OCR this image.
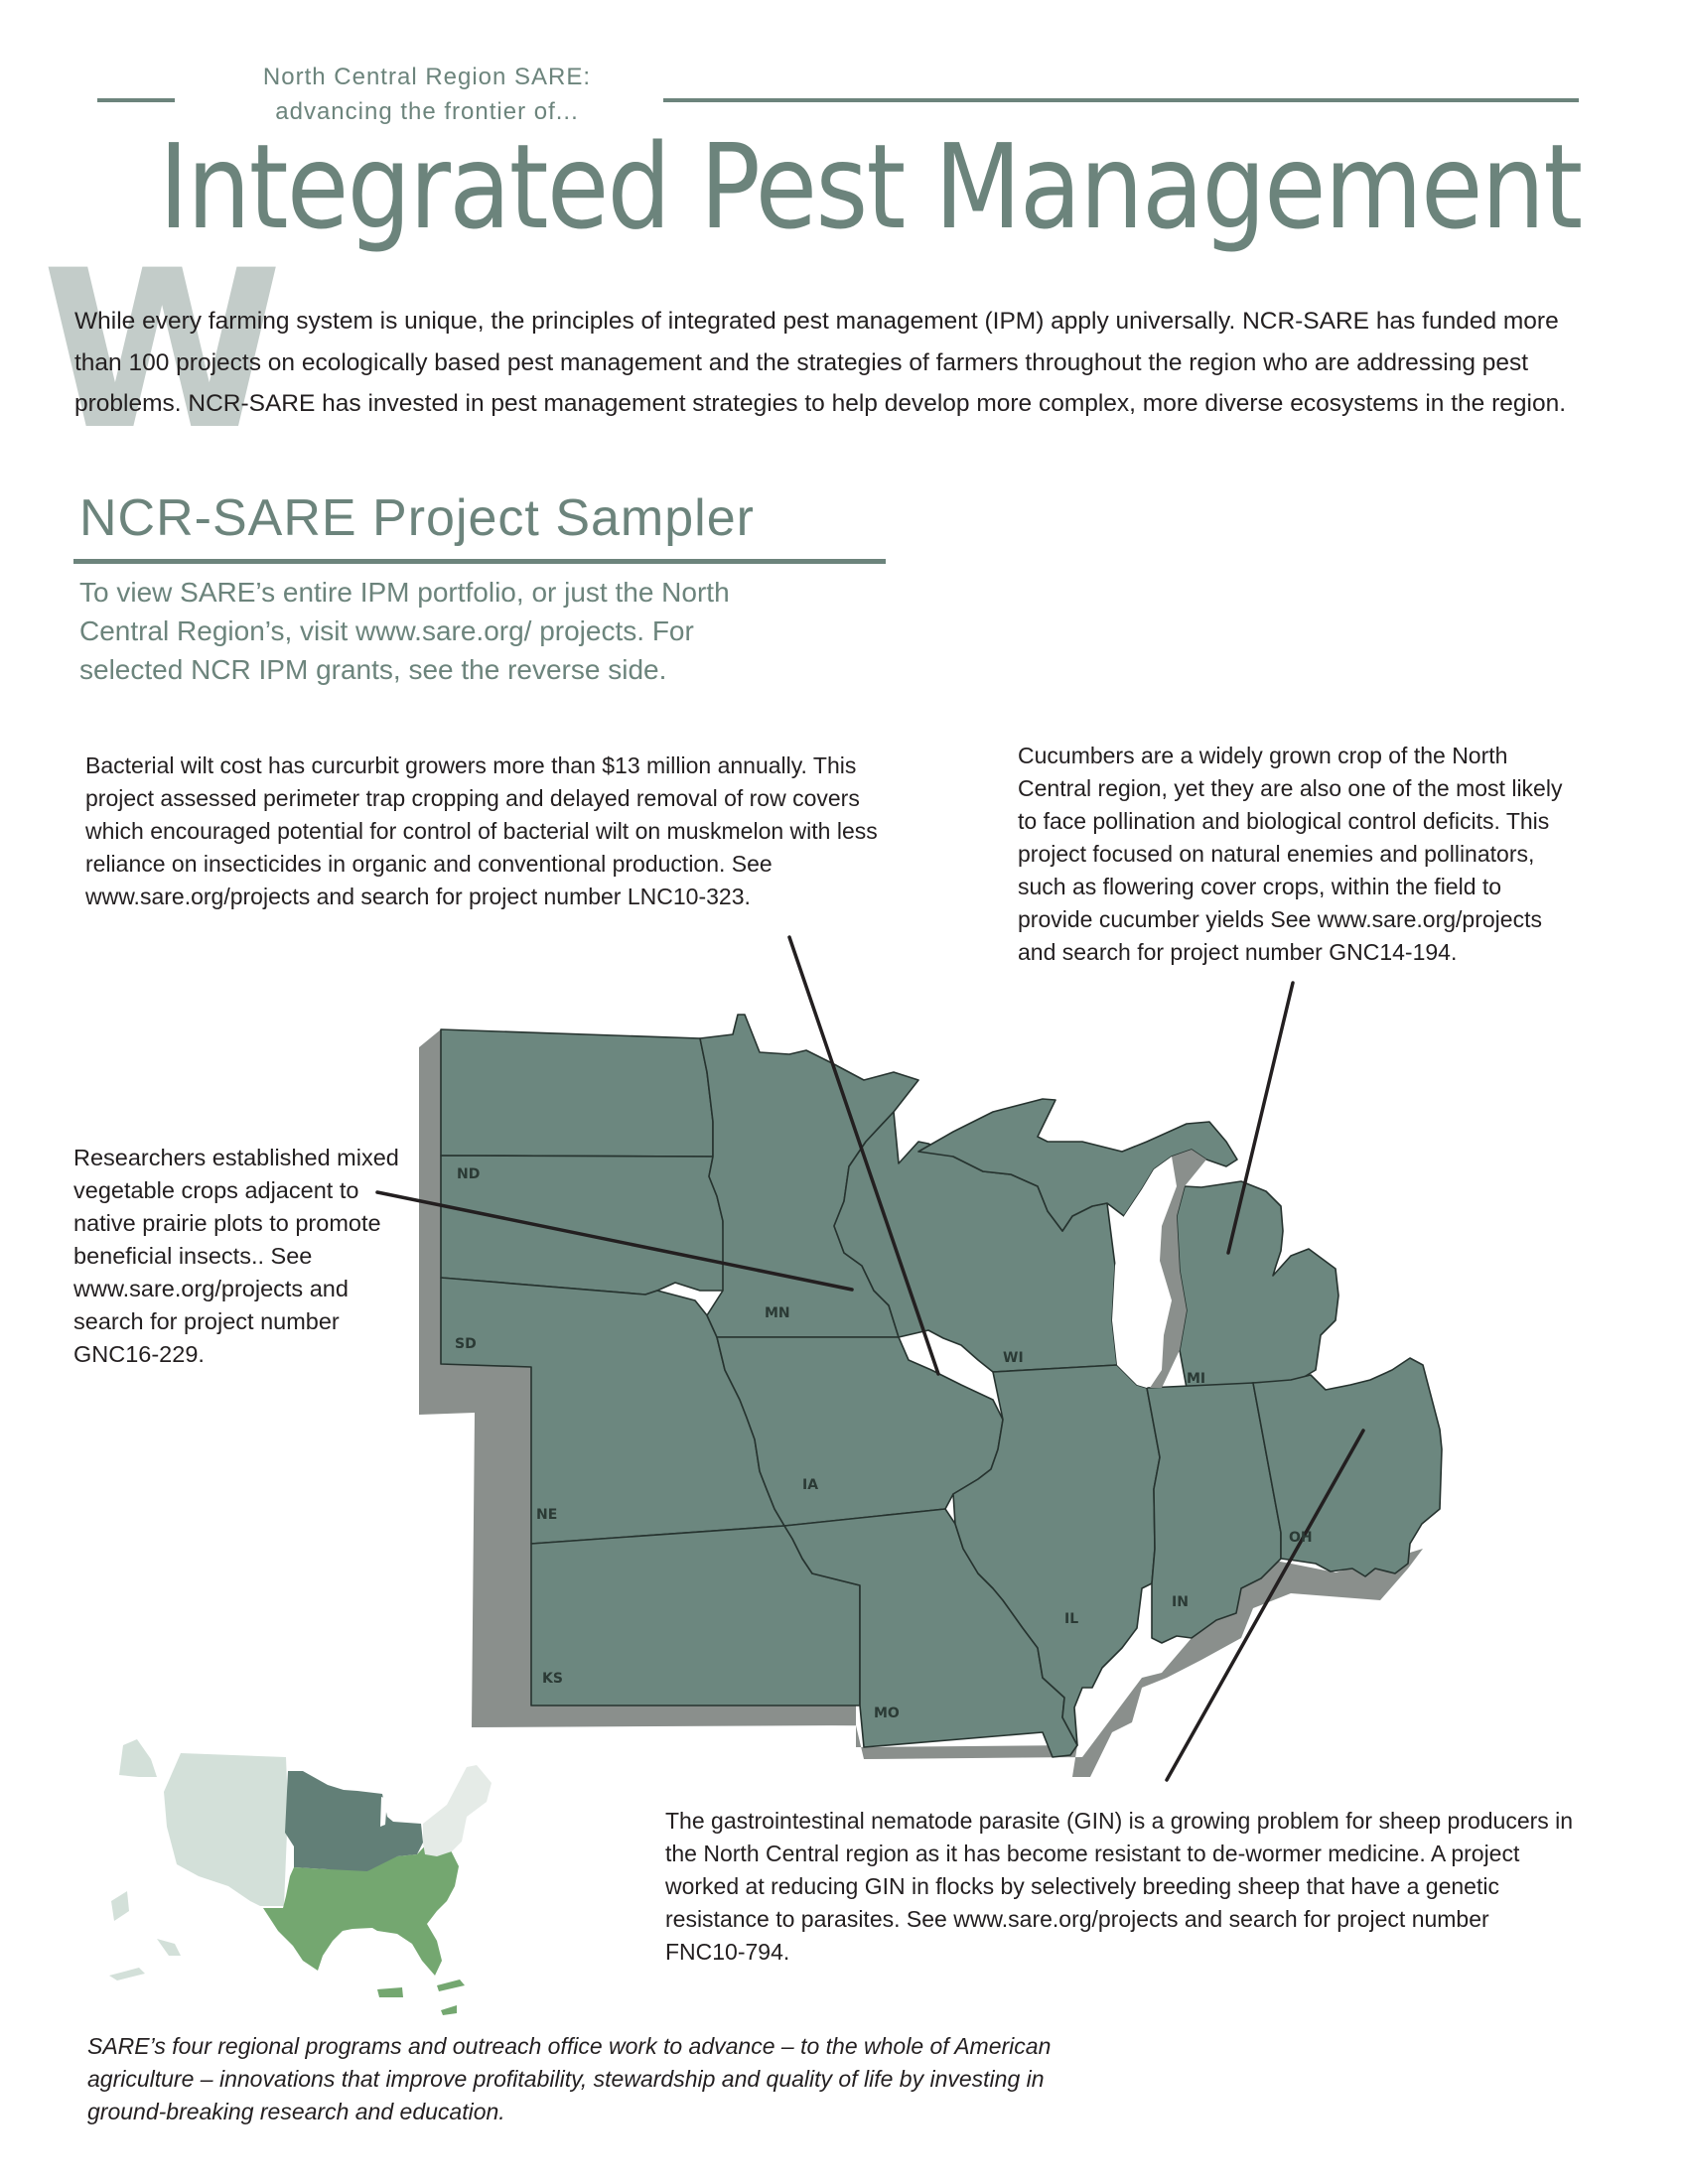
North Central Region SARE:
advancing the frontier of...
Integrated Pest Management
W
While every farming system is unique, the principles of integrated pest management (IPM) apply universally. NCR-SARE has funded more than 100 projects on ecologically based pest management and the strategies of farmers throughout the region who are addressing pest problems. NCR-SARE has invested in pest management strategies to help develop more complex, more diverse ecosystems in the region.
NCR-SARE Project Sampler
To view SARE’s entire IPM portfolio, or just the North Central Region’s, visit www.sare.org/ projects. For selected NCR IPM grants, see the reverse side.
ND
SD
NE
KS
MN
IA
MO
WI
IL
MI
IN
OH
Bacterial wilt cost has curcurbit growers more than $13 million annually. This project assessed perimeter trap cropping and delayed removal of row covers which encouraged potential for control of bacterial wilt on muskmelon with less reliance on insecticides in organic and conventional production. See www.sare.org/projects and search for project number LNC10-323.
Cucumbers are a widely grown crop of the North Central region, yet they are also one of the most likely to face pollination and biological control deficits. This project focused on natural enemies and pollinators, such as flowering cover crops, within the field to provide cucumber yields See www.sare.org/projects and search for project number GNC14-194.
Researchers established mixed vegetable crops adjacent to native prairie plots to promote beneficial insects.. See www.sare.org/projects and search for project number GNC16-229.
The gastrointestinal nematode parasite (GIN) is a growing problem for sheep producers in the North Central region as it has become resistant to de-wormer medicine. A project worked at reducing GIN in flocks by selectively breeding sheep that have a genetic resistance to parasites. See www.sare.org/projects and search for project number FNC10-794.
SARE’s four regional programs and outreach office work to advance – to the whole of American agriculture – innovations that improve profitability, stewardship and quality of life by investing in ground-breaking research and education.
